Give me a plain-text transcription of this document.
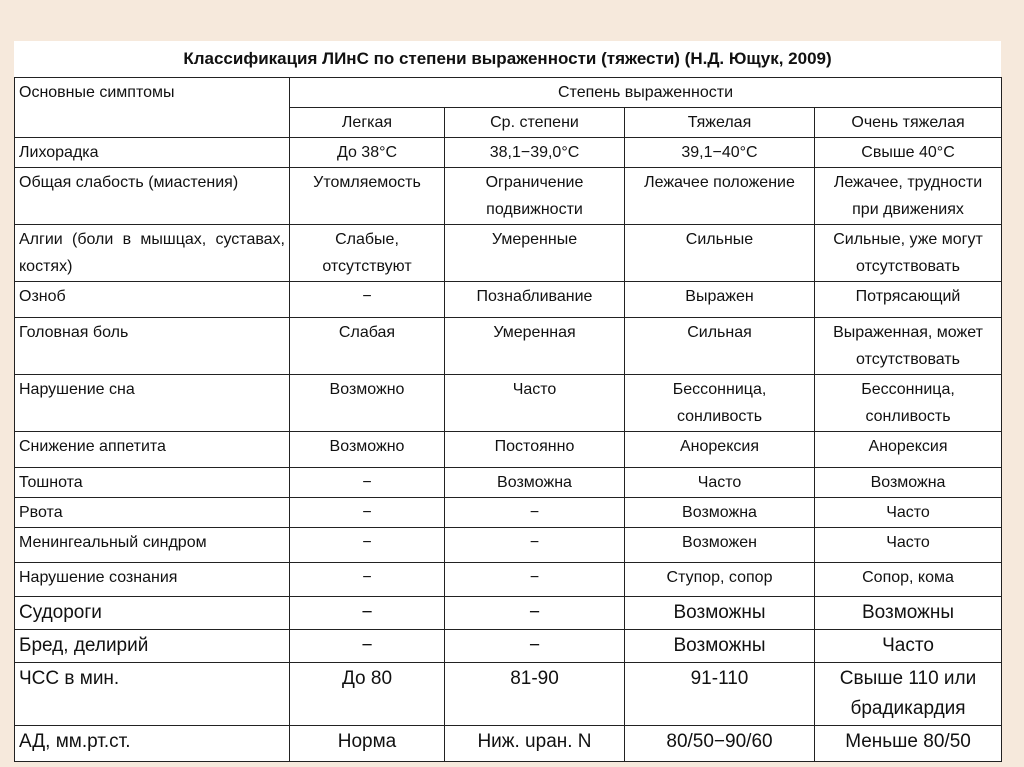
Классификация ЛИнС по степени выраженности (тяжести) (Н.Д. Ющук, 2009)
Основные симптомы	Степень выраженности			
	Легкая	Ср. степени	Тяжелая	Очень тяжелая
Лихорадка	До 38°С	38,1−39,0°С	39,1−40°С	Свыше 40°С
Общая слабость (миастения)	Утомляемость	Ограничение подвижности	Лежачее положение	Лежачее, трудности при движениях
Алгии (боли в мышцах, суставах, костях)	Слабые, отсутствуют	Умеренные	Сильные	Сильные, уже могут отсутствовать
Озноб	−	Познабливание	Выражен	Потрясающий
Головная боль	Слабая	Умеренная	Сильная	Выраженная, может отсутствовать
Нарушение сна	Возможно	Часто	Бессонница, сонливость	Бессонница, сонливость
Снижение аппетита	Возможно	Постоянно	Анорексия	Анорексия
Тошнота	−	Возможна	Часто	Возможна
Рвота	−	−	Возможна	Часто
Менингеальный синдром	−	−	Возможен	Часто
Нарушение сознания	−	−	Ступор, сопор	Сопор, кома
Судороги	−	−	Возможны	Возможны
Бред, делирий	−	−	Возможны	Часто
ЧСС в мин.	До 80	81-90	91-110	Свыше 110 или брадикардия
АД, мм.рт.ст.	Норма	Ниж. uран. N	80/50−90/60	Меньше 80/50
